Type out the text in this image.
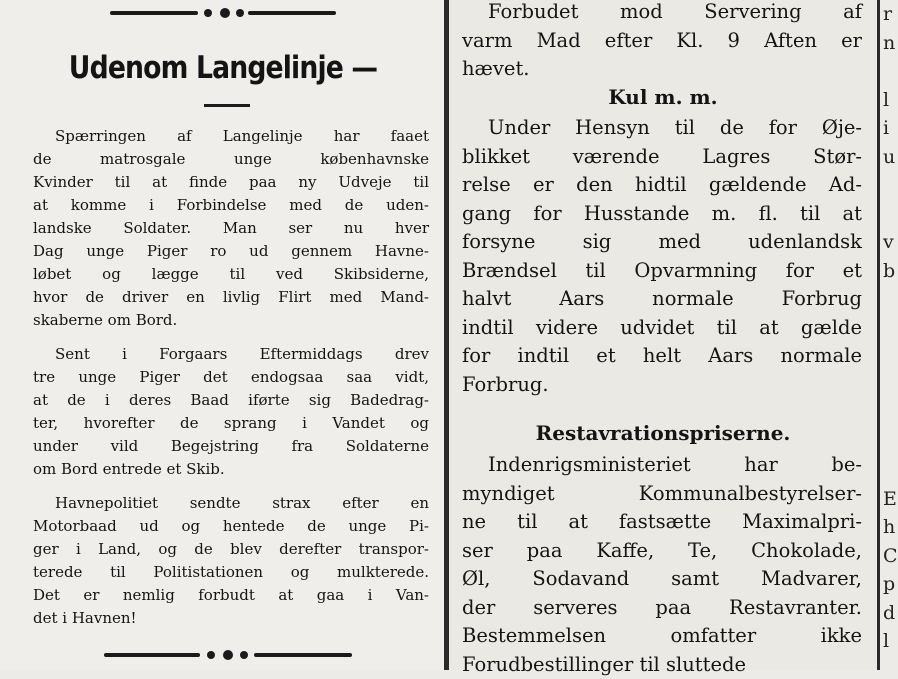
Udenom Langelinje —

Spærringen af Langelinje har faaet
de matrosgale unge københavnske
Kvinder til at finde paa ny Udveje til
at komme i Forbindelse med de uden-
landske Soldater. Man ser nu hver
Dag unge Piger ro ud gennem Havne-
løbet og lægge til ved Skibsiderne,
hvor de driver en livlig Flirt med Mand-
skaberne om Bord.

Sent i Forgaars Eftermiddags drev
tre unge Piger det endogsaa saa vidt,
at de i deres Baad iførte sig Badedrag-
ter, hvorefter de sprang i Vandet og
under vild Begejstring fra Soldaterne
om Bord entrede et Skib.

Havnepolitiet sendte strax efter en
Motorbaad ud og hentede de unge Pi-
ger i Land, og de blev derefter transpor-
terede til Politistationen og mulkterede.
Det er nemlig forbudt at gaa i Van-
det i Havnen!

Forbudet mod Servering af
varm Mad efter Kl. 9 Aften er
hævet.

Kul m. m.

Under Hensyn til de for Øje-
blikket værende Lagres Stør-
relse er den hidtil gældende Ad-
gang for Husstande m. fl. til at
forsyne sig med udenlandsk
Brændsel til Opvarmning for et
halvt Aars normale Forbrug
indtil videre udvidet til at gælde
for indtil et helt Aars normale
Forbrug.

Restavrationspriserne.

Indenrigsministeriet har be-
myndiget Kommunalbestyrelser-
ne til at fastsætte Maximalpri-
ser paa Kaffe, Te, Chokolade,
Øl, Sodavand samt Madvarer,
der serveres paa Restavranter.
Bestemmelsen omfatter ikke
Forudbestillinger til sluttede

r
n

l
i
u

v
b

E
h
C
p
d
l
